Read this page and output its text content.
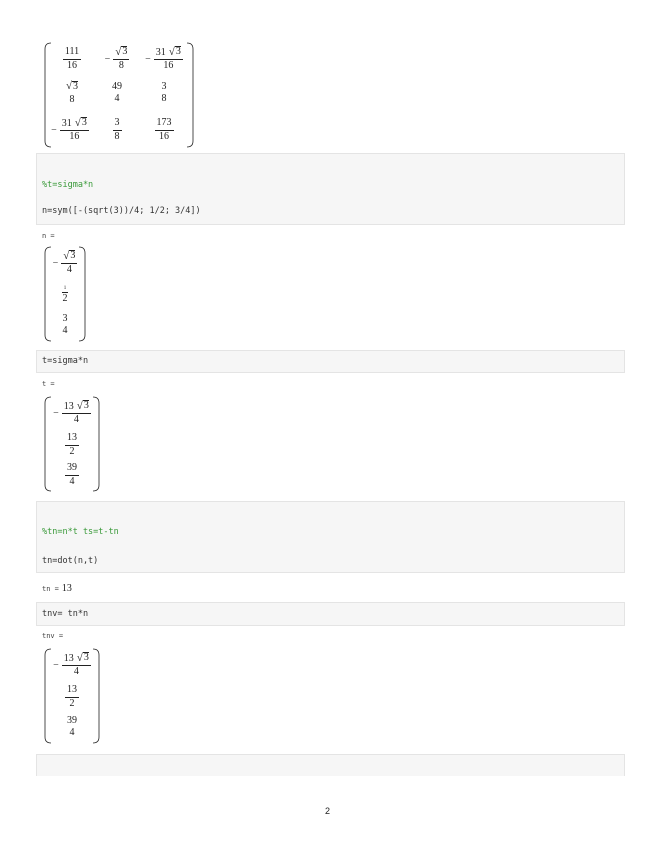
$\frac{111}{16} - \frac{√ 3}{8} - \frac{31 √ 3}{16}$
√ 3
8
49
4
3
8
− $\frac{31 √ 3}{16} \frac{3}{8}$	$\frac{173}{16}$
%t=sigma*n
n=sym([-(sqrt(3))/4; 1/2; 3/4])
n =
− $\frac{√ 3}{4}$
$\frac{1}{2}$
3
4
t=sigma*n
t =
− $\frac{13 √ 3}{4}$
$\frac{13}{2}$
$\frac{39}{4}$
%tn=n*t ts=t-tn
tn=dot(n,t)
tn = 13
tnv= tn*n
tnv =
− $\frac{13 √ 3}{4}$
$\frac{13}{2}$
39
4
2
